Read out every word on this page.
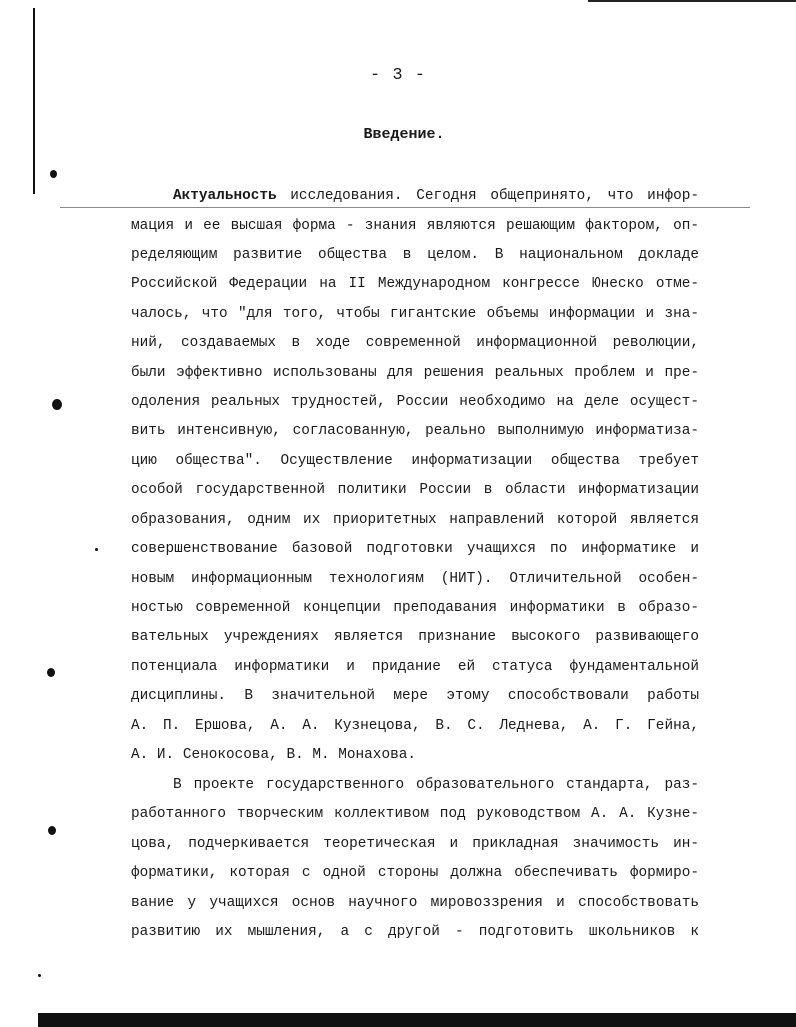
- 3 -
Введение.
Актуальность исследования. Сегодня общепринято, что инфор-
мация и ее высшая форма - знания являются решающим фактором, оп-
ределяющим развитие общества в целом. В национальном докладе
Российской Федерации на II Международном конгрессе Юнеско отме-
чалось, что "для того, чтобы гигантские объемы информации и зна-
ний, создаваемых в ходе современной информационной революции,
были эффективно использованы для решения реальных проблем и пре-
одоления реальных трудностей, России необходимо на деле осущест-
вить интенсивную, согласованную, реально выполнимую информатиза-
цию общества". Осуществление информатизации общества требует
особой государственной политики России в области информатизации
образования, одним их приоритетных направлений которой является
совершенствование базовой подготовки учащихся по информатике и
новым информационным технологиям (НИТ). Отличительной особен-
ностью современной концепции преподавания информатики в образо-
вательных учреждениях является признание высокого развивающего
потенциала информатики и придание ей статуса фундаментальной
дисциплины. В значительной мере этому способствовали работы
А. П. Ершова, А. А. Кузнецова, В. С. Леднева, А. Г. Гейна,
А. И. Сенокосова, В. М. Монахова.
В проекте государственного образовательного стандарта, раз-
работанного творческим коллективом под руководством А. А. Кузне-
цова, подчеркивается теоретическая и прикладная значимость ин-
форматики, которая с одной стороны должна обеспечивать формиро-
вание у учащихся основ научного мировоззрения и способствовать
развитию их мышления, а с другой - подготовить школьников к
